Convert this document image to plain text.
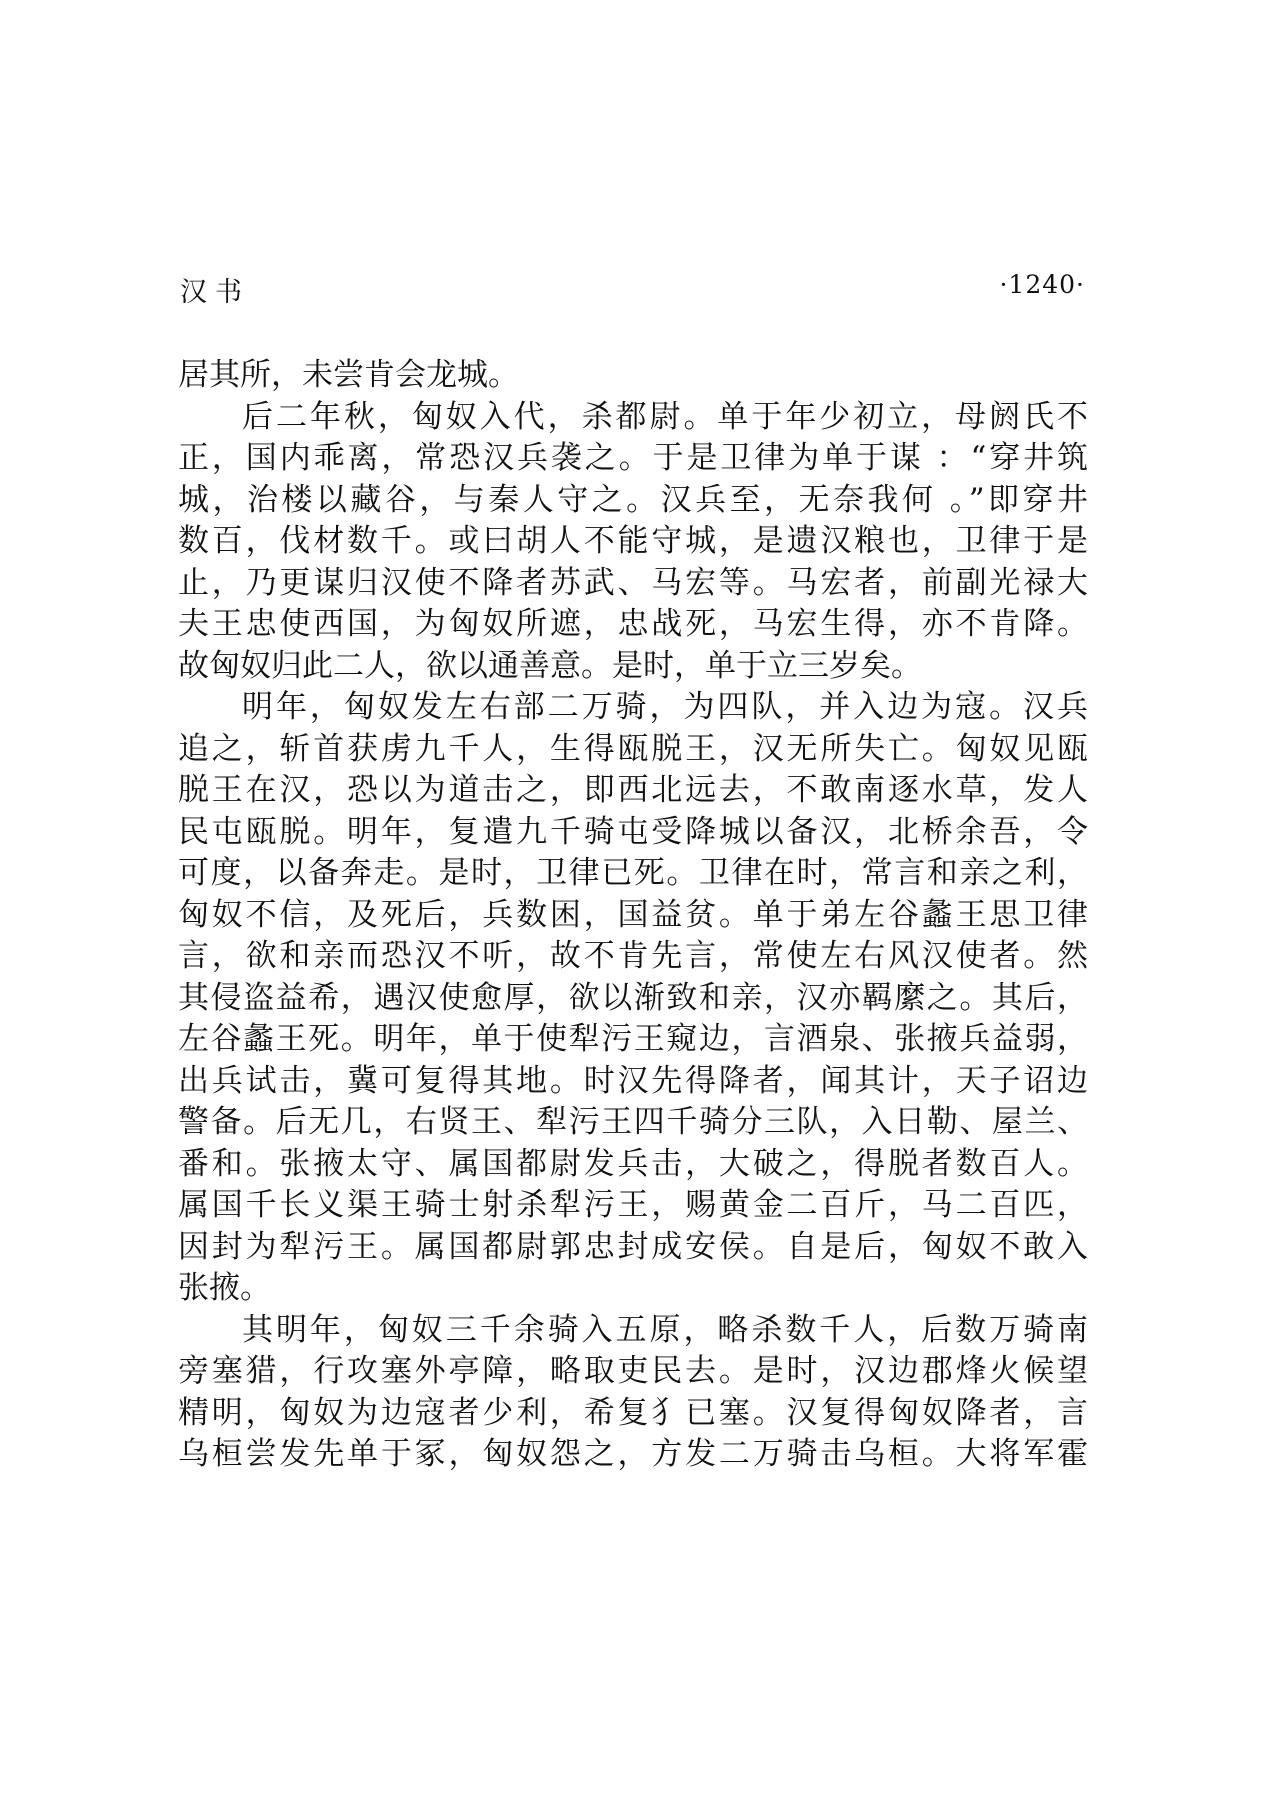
汉书	·1240·
居其所，未尝肯会龙城。
后二年秋，匈奴入代，杀都尉。单于年少初立，母阏氏不
正，国内乖离，常恐汉兵袭之。于是卫律为单于谋 ：“穿井筑
城，治楼以藏谷，与秦人守之。汉兵至，无奈我何 。”即穿井
数百，伐材数千。或曰胡人不能守城，是遗汉粮也，卫律于是
止，乃更谋归汉使不降者苏武、马宏等。马宏者，前副光禄大
夫王忠使西国，为匈奴所遮，忠战死，马宏生得，亦不肯降。
故匈奴归此二人，欲以通善意。是时，单于立三岁矣。
明年，匈奴发左右部二万骑，为四队，并入边为寇。汉兵
追之，斩首获虏九千人，生得瓯脱王，汉无所失亡。匈奴见瓯
脱王在汉，恐以为道击之，即西北远去，不敢南逐水草，发人
民屯瓯脱。明年，复遣九千骑屯受降城以备汉，北桥余吾，令
可度，以备奔走。是时，卫律已死。卫律在时，常言和亲之利，
匈奴不信，及死后，兵数困，国益贫。单于弟左谷蠡王思卫律
言，欲和亲而恐汉不听，故不肯先言，常使左右风汉使者。然
其侵盗益希，遇汉使愈厚，欲以渐致和亲，汉亦羁縻之。其后，
左谷蠡王死。明年，单于使犁污王窥边，言酒泉、张掖兵益弱，
出兵试击，冀可复得其地。时汉先得降者，闻其计，天子诏边
警备。后无几，右贤王、犁污王四千骑分三队，入日勒、屋兰、
番和。张掖太守、属国都尉发兵击，大破之，得脱者数百人。
属国千长义渠王骑士射杀犁污王，赐黄金二百斤，马二百匹，
因封为犁污王。属国都尉郭忠封成安侯。自是后，匈奴不敢入
张掖。
其明年，匈奴三千余骑入五原，略杀数千人，后数万骑南
旁塞猎，行攻塞外亭障，略取吏民去。是时，汉边郡烽火候望
精明，匈奴为边寇者少利，希复犭已塞。汉复得匈奴降者，言
乌桓尝发先单于冢，匈奴怨之，方发二万骑击乌桓。大将军霍
